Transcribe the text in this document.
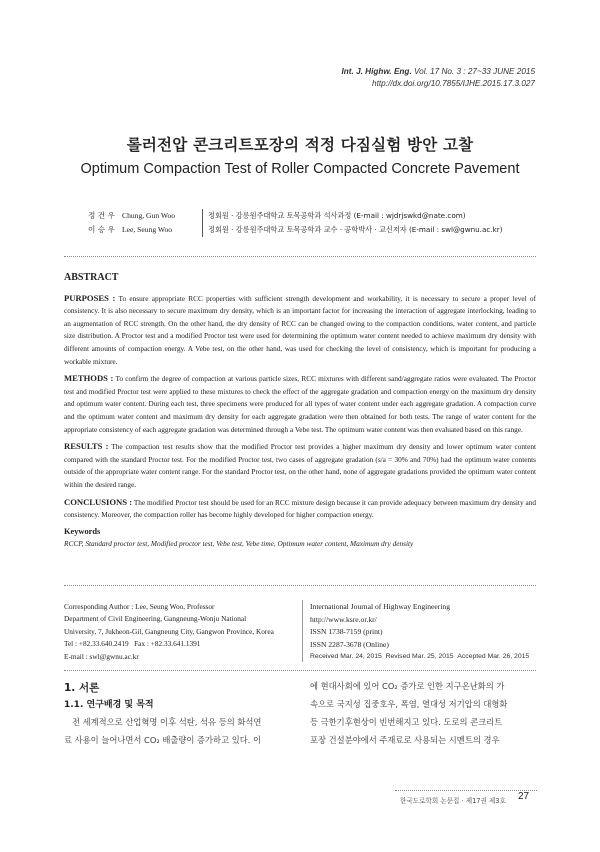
Int. J. Highw. Eng. Vol. 17 No. 3 : 27~33 JUNE 2015
http://dx.doi.org/10.7855/IJHE.2015.17.3.027
롤러전압 콘크리트포장의 적정 다짐실험 방안 고찰
Optimum Compaction Test of Roller Compacted Concrete Pavement
정 건 우 Chung, Gun Woo	정회원 · 강릉원주대학교 토목공학과 석사과정 (E-mail : wjdrjswkd@nate.com)
이 승 우 Lee, Seung Woo	정회원 · 강릉원주대학교 토목공학과 교수 · 공학박사 · 교신저자 (E-mail : swl@gwnu.ac.kr)
ABSTRACT

PURPOSES : To ensure appropriate RCC properties with sufficient strength development and workability, it is necessary to secure a proper level of consistency. It is also necessary to secure maximum dry density, which is an important factor for increasing the interaction of aggregate interlocking, leading to an augmentation of RCC strength. On the other hand, the dry density of RCC can be changed owing to the compaction conditions, water content, and particle size distribution. A Proctor test and a modified Proctor test were used for determining the optimum water content needed to achieve maximum dry density with different amounts of compaction energy. A Vebe test, on the other hand, was used for checking the level of consistency, which is important for producing a workable mixture.

METHODS : To confirm the degree of compaction at various particle sizes, RCC mixtures with different sand/aggregate ratios were evaluated. The Proctor test and modified Proctor test were applied to these mixtures to check the effect of the aggregate gradation and compaction energy on the maximum dry density and optimum water content. During each test, three specimens were produced for all types of water content under each aggregate gradation. A compaction curve and the optimum water content and maximum dry density for each aggregate gradation were then obtained for both tests. The range of water content for the appropriate consistency of each aggregate gradation was determined through a Vebe test. The optimum water content was then evaluated based on this range.

RESULTS : The compaction test results show that the modified Proctor test provides a higher maximum dry density and lower optimum water content compared with the standard Proctor test. For the modified Proctor test, two cases of aggregate gradation (s/a = 30% and 70%) had the optimum water contents outside of the appropriate water content range. For the standard Proctor test, on the other hand, none of aggregate gradations provided the optimum water content within the desired range.

CONCLUSIONS : The modified Proctor test should be used for an RCC mixture design because it can provide adequacy between maximum dry density and consistency. Moreover, the compaction roller has become highly developed for higher compaction energy.

Keywords
RCCP, Standard proctor test, Modified proctor test, Vebe test, Vebe time, Optimum water content, Maximum dry density
Corresponding Author : Lee, Seung Woo, Professor
Department of Civil Engineering, Gangneung-Wonju National
University, 7, Jukheon-Gil, Gangneung City, Gangwon Province, Korea
Tel : +82.33.640.2419 Fax : +82.33.641.1391
E-mail : swl@gwnu.ac.kr
International Journal of Highway Engineering
http://www.ksre.or.kr/
ISSN 1738-7159 (print)
ISSN 2287-3678 (Online)
Received Mar. 24, 2015 Revised Mar. 25, 2015 Accepted Mar. 26, 2015
1. 서론
1.1. 연구배경 및 목적
전 세계적으로 산업혁명 이후 석탄, 석유 등의 화석연
료 사용이 늘어나면서 CO₂ 배출량이 증가하고 있다. 이
에 현대사회에 있어 CO₂ 증가로 인한 지구온난화의 가
속으로 국지성 집중호우, 폭염, 열대성 저기압의 대형화
등 극한기후현상이 빈번해지고 있다. 도로의 콘크리트
포장 건설분야에서 주재료로 사용되는 시멘트의 경우
한국도로학회 논문집 · 제17권 제3호 27
